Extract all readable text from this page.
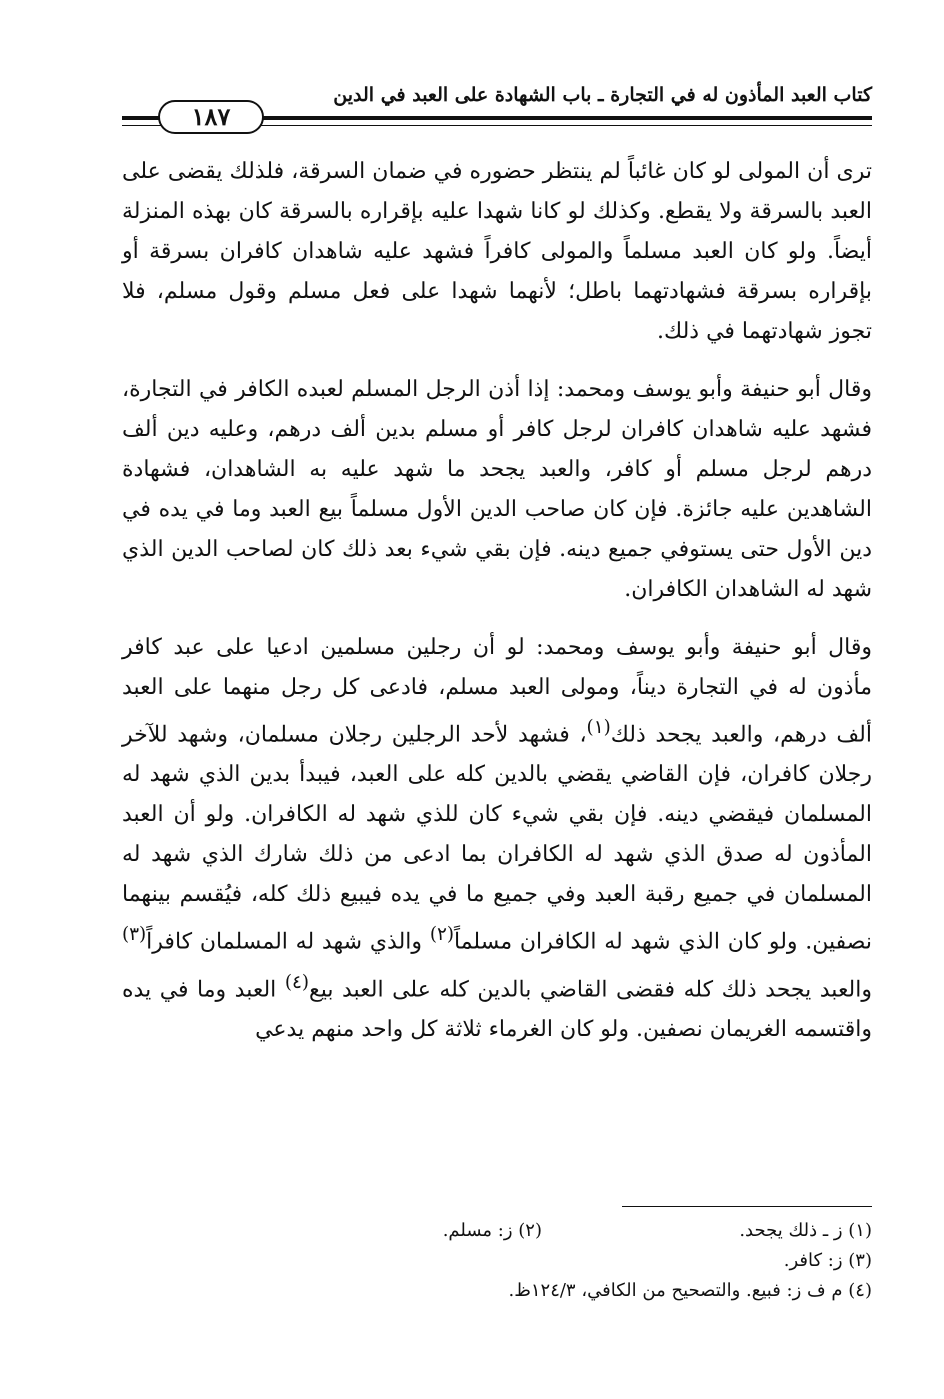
كتاب العبد المأذون له في التجارة ـ باب الشهادة على العبد في الدين
١٨٧

ترى أن المولى لو كان غائباً لم ينتظر حضوره في ضمان السرقة، فلذلك يقضى على العبد بالسرقة ولا يقطع. وكذلك لو كانا شهدا عليه بإقراره بالسرقة كان بهذه المنزلة أيضاً. ولو كان العبد مسلماً والمولى كافراً فشهد عليه شاهدان كافران بسرقة أو بإقراره بسرقة فشهادتهما باطل؛ لأنهما شهدا على فعل مسلم وقول مسلم، فلا تجوز شهادتهما في ذلك.

وقال أبو حنيفة وأبو يوسف ومحمد: إذا أذن الرجل المسلم لعبده الكافر في التجارة، فشهد عليه شاهدان كافران لرجل كافر أو مسلم بدين ألف درهم، وعليه دين ألف درهم لرجل مسلم أو كافر، والعبد يجحد ما شهد عليه به الشاهدان، فشهادة الشاهدين عليه جائزة. فإن كان صاحب الدين الأول مسلماً بيع العبد وما في يده في دين الأول حتى يستوفي جميع دينه. فإن بقي شيء بعد ذلك كان لصاحب الدين الذي شهد له الشاهدان الكافران.

وقال أبو حنيفة وأبو يوسف ومحمد: لو أن رجلين مسلمين ادعيا على عبد كافر مأذون له في التجارة ديناً، ومولى العبد مسلم، فادعى كل رجل منهما على العبد ألف درهم، والعبد يجحد ذلك$^{(١)}$، فشهد لأحد الرجلين رجلان مسلمان، وشهد للآخر رجلان كافران، فإن القاضي يقضي بالدين كله على العبد، فيبدأ بدين الذي شهد له المسلمان فيقضي دينه. فإن بقي شيء كان للذي شهد له الكافران. ولو أن العبد المأذون له صدق الذي شهد له الكافران بما ادعى من ذلك شارك الذي شهد له المسلمان في جميع رقبة العبد وفي جميع ما في يده فيبيع ذلك كله، فيُقسم بينهما نصفين. ولو كان الذي شهد له الكافران مسلماً$^{(٢)}$ والذي شهد له المسلمان كافراً$^{(٣)}$ والعبد يجحد ذلك كله فقضى القاضي بالدين كله على العبد بيع$^{(٤)}$ العبد وما في يده واقتسمه الغريمان نصفين. ولو كان الغرماء ثلاثة كل واحد منهم يدعي

(١) ز ـ ذلك يجحد.
(٢) ز: مسلم.
(٣) ز: كافر.
(٤) م ف ز: فبيع. والتصحيح من الكافي، ١٢٤/٣ظ.
